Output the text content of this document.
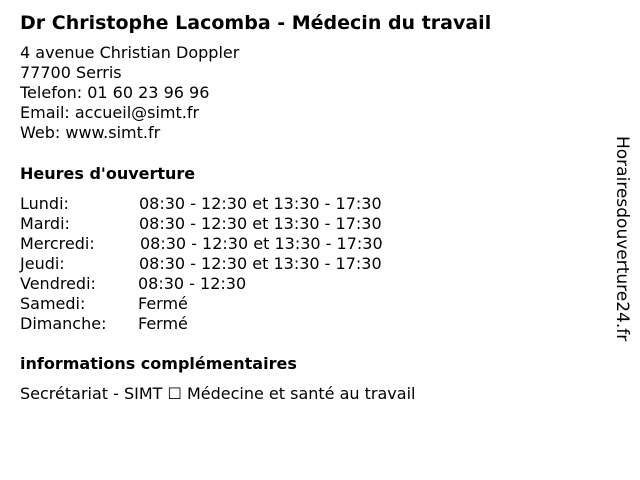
Dr Christophe Lacomba - Médecin du travail
4 avenue Christian Doppler
77700 Serris
Telefon: 01 60 23 96 96
Email: accueil@simt.fr
Web: www.simt.fr
Heures d'ouverture
Lundi:	08:30 - 12:30 et 13:30 - 17:30
Mardi:	08:30 - 12:30 et 13:30 - 17:30
Mercredi:	08:30 - 12:30 et 13:30 - 17:30
Jeudi:	08:30 - 12:30 et 13:30 - 17:30
Vendredi:	08:30 - 12:30
Samedi:	Fermé
Dimanche: Fermé
informations complémentaires
Secrétariat - SIMT ☐ Médecine et santé au travail
Horairesdouverture24.fr
